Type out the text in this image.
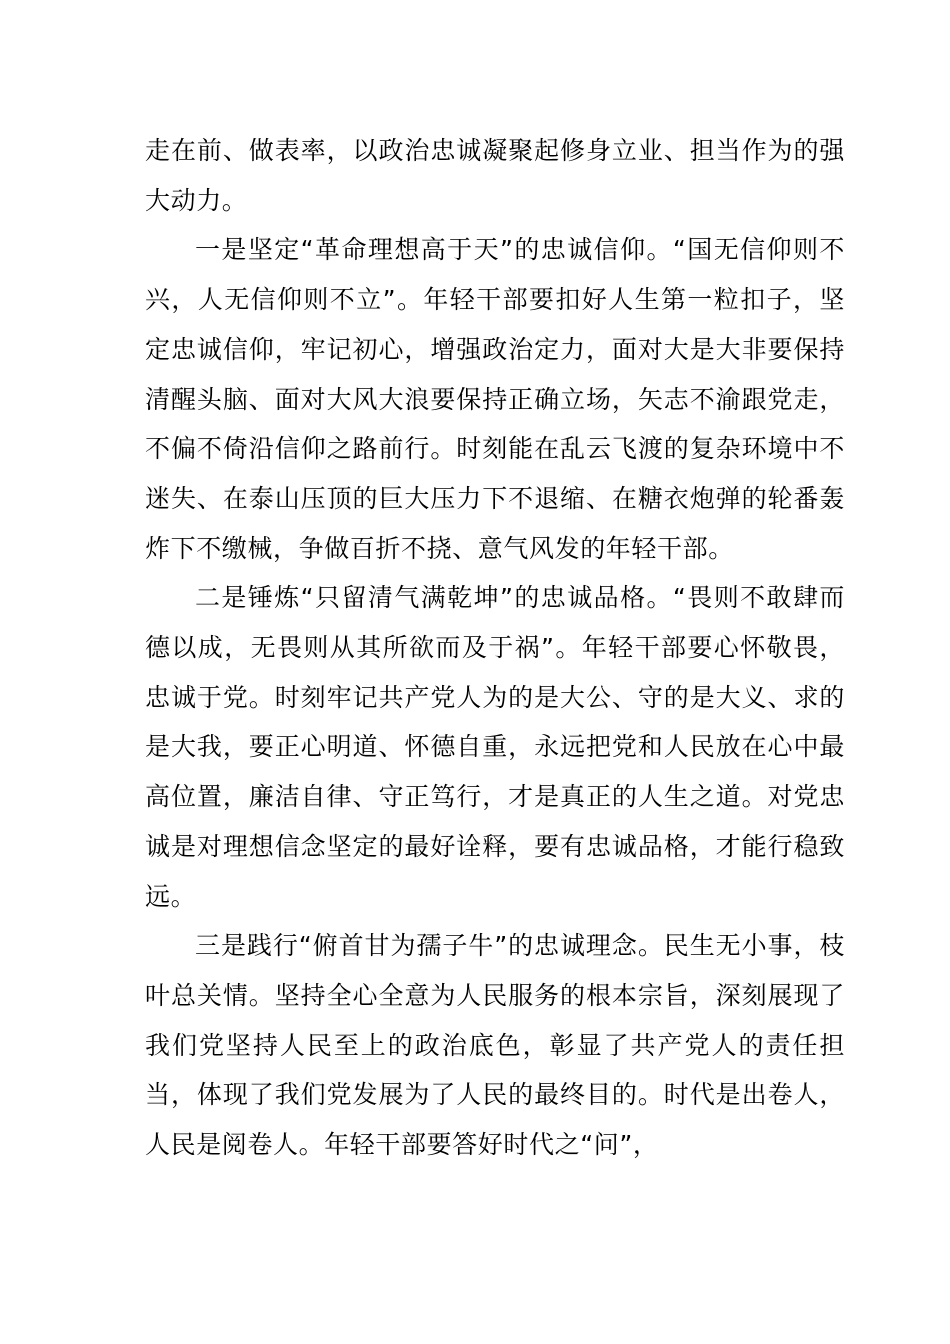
走在前、做表率，以政治忠诚凝聚起修身立业、担当作为的强大动力。

一是坚定“革命理想高于天”的忠诚信仰。“国无信仰则不兴，人无信仰则不立”。年轻干部要扣好人生第一粒扣子，坚定忠诚信仰，牢记初心，增强政治定力，面对大是大非要保持清醒头脑、面对大风大浪要保持正确立场，矢志不渝跟党走，不偏不倚沿信仰之路前行。时刻能在乱云飞渡的复杂环境中不迷失、在泰山压顶的巨大压力下不退缩、在糖衣炮弹的轮番轰炸下不缴械，争做百折不挠、意气风发的年轻干部。

二是锤炼“只留清气满乾坤”的忠诚品格。“畏则不敢肆而德以成，无畏则从其所欲而及于祸”。年轻干部要心怀敬畏，忠诚于党。时刻牢记共产党人为的是大公、守的是大义、求的是大我，要正心明道、怀德自重，永远把党和人民放在心中最高位置，廉洁自律、守正笃行，才是真正的人生之道。对党忠诚是对理想信念坚定的最好诠释，要有忠诚品格，才能行稳致远。

三是践行“俯首甘为孺子牛”的忠诚理念。民生无小事，枝叶总关情。坚持全心全意为人民服务的根本宗旨，深刻展现了我们党坚持人民至上的政治底色，彰显了共产党人的责任担当，体现了我们党发展为了人民的最终目的。时代是出卷人，人民是阅卷人。年轻干部要答好时代之“问”，
